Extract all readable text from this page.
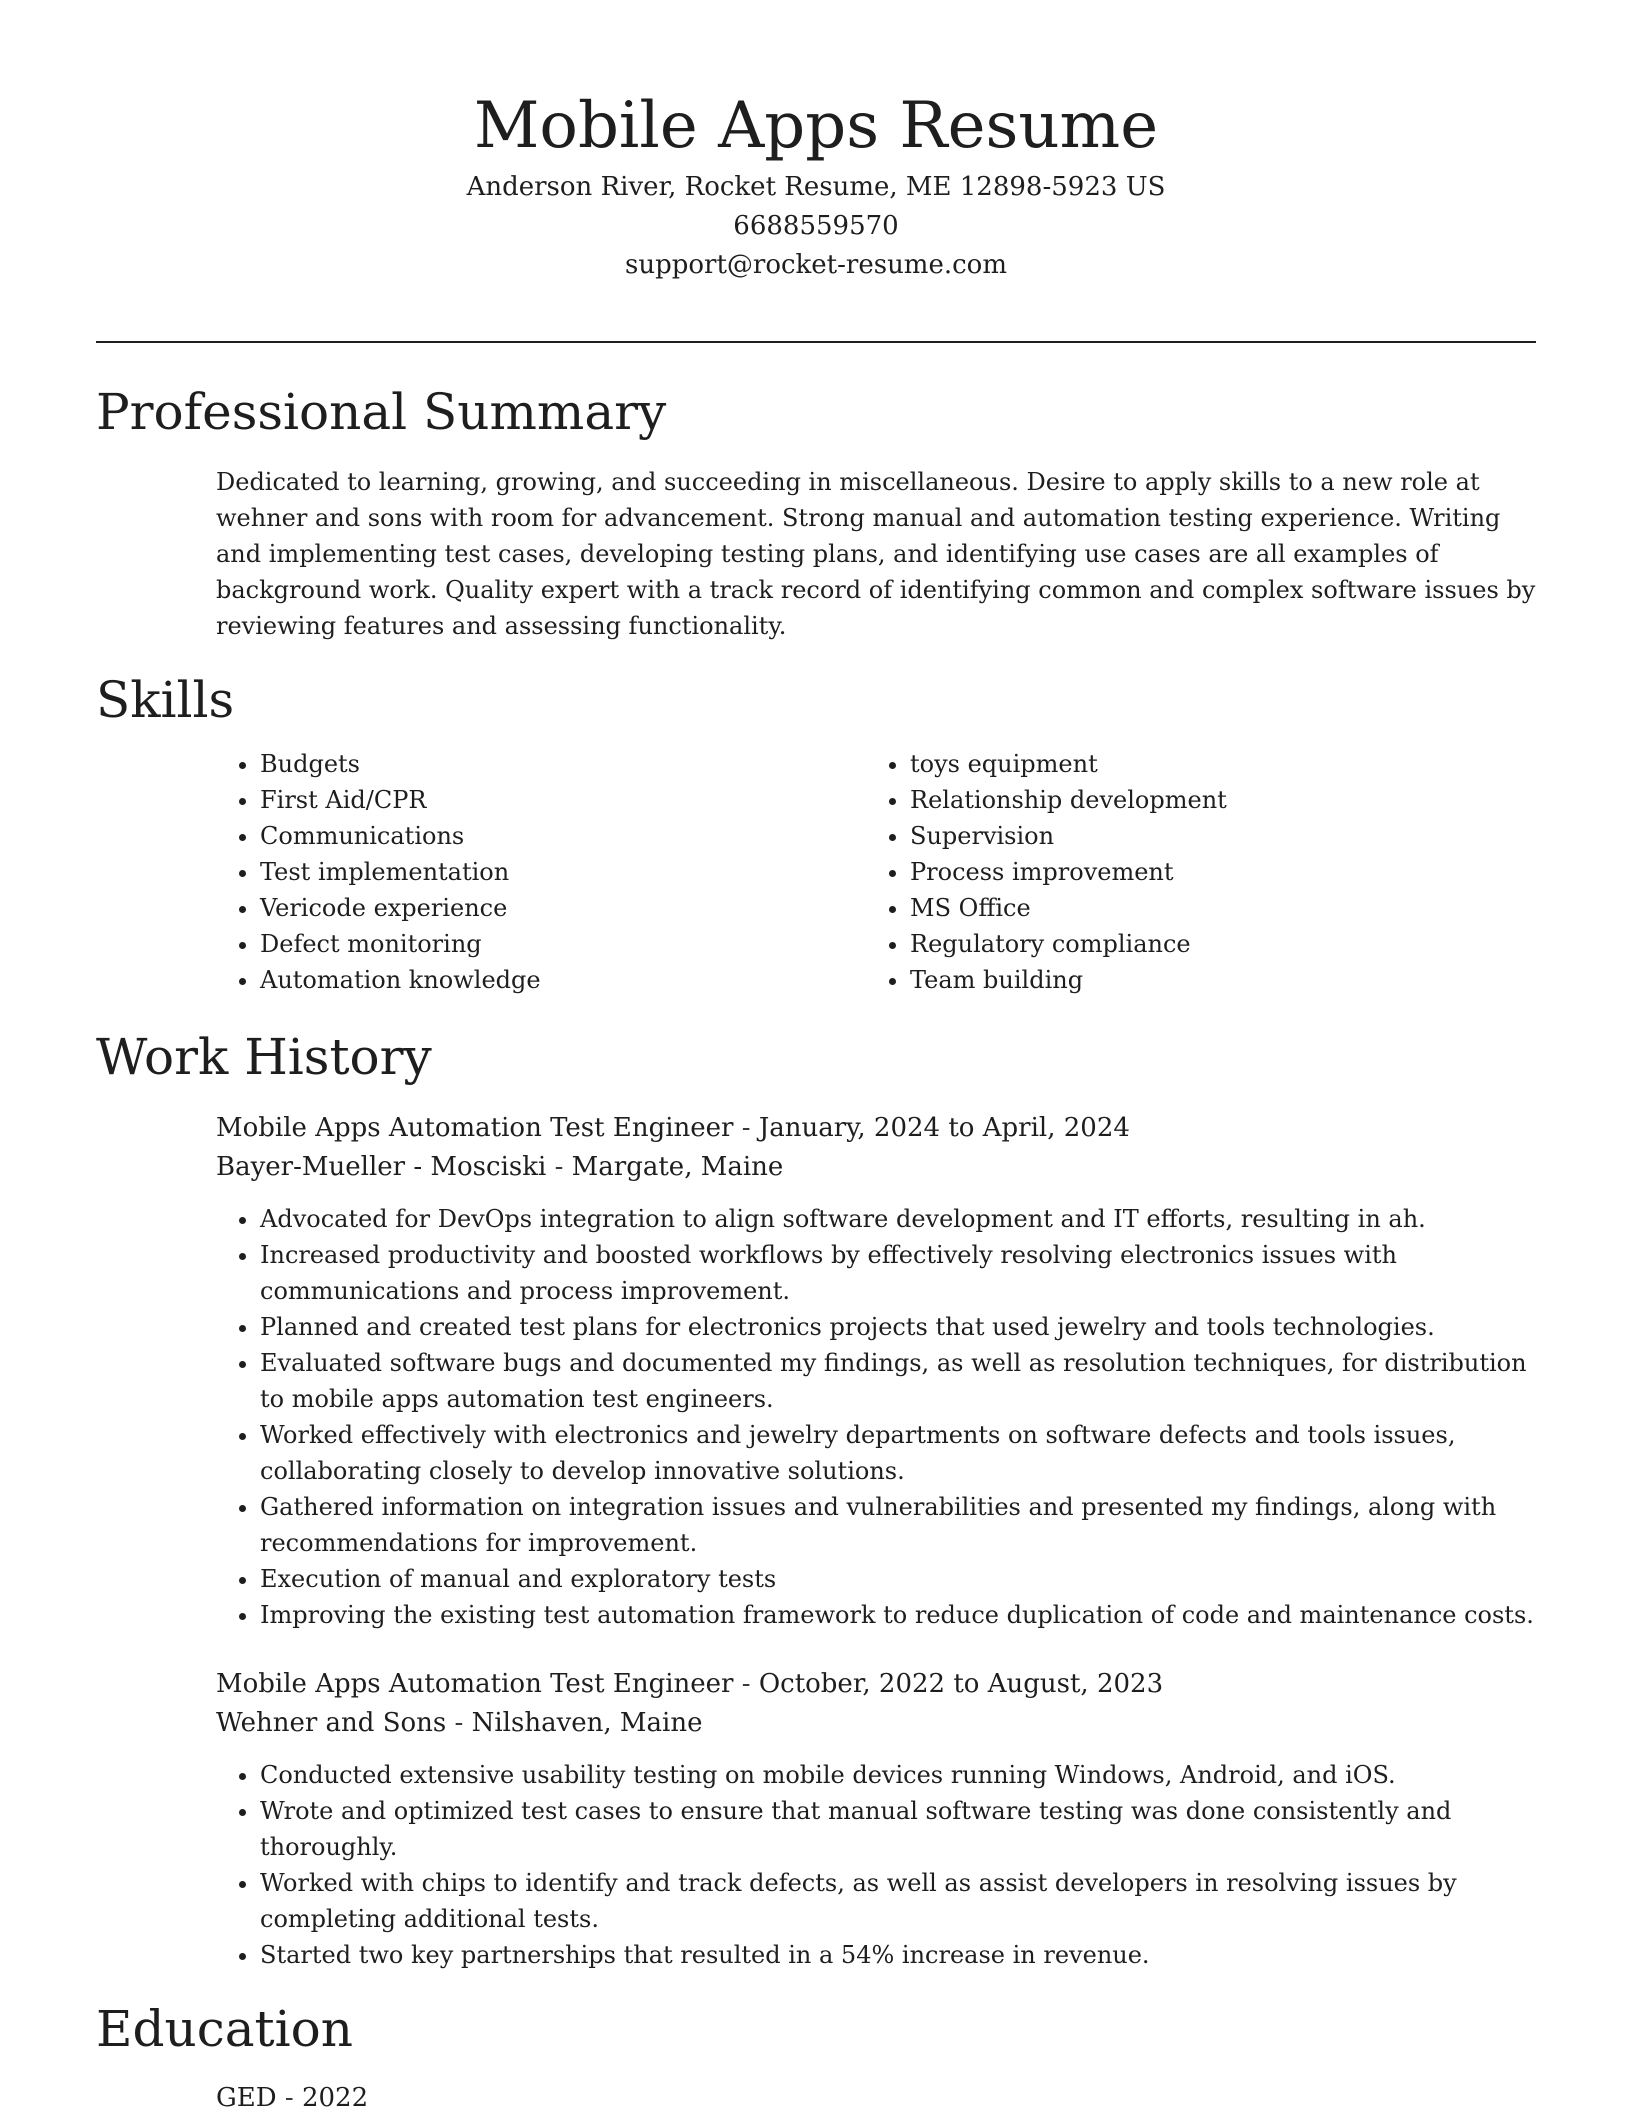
Mobile Apps Resume

Anderson River, Rocket Resume, ME 12898-5923 US

6688559570

support@rocket-resume.com

Professional Summary

Dedicated to learning, growing, and succeeding in miscellaneous. Desire to apply skills to a new role at wehner and sons with room for advancement. Strong manual and automation testing experience. Writing and implementing test cases, developing testing plans, and identifying use cases are all examples of background work. Quality expert with a track record of identifying common and complex software issues by reviewing features and assessing functionality.

Skills
• Budgets
• First Aid/CPR
• Communications
• Test implementation
• Vericode experience
• Defect monitoring
• Automation knowledge
• toys equipment
• Relationship development
• Supervision
• Process improvement
• MS Office
• Regulatory compliance
• Team building
Work History

Mobile Apps Automation Test Engineer - January, 2024 to April, 2024

Bayer-Mueller - Mosciski - Margate, Maine

• Advocated for DevOps integration to align software development and IT efforts, resulting in ah.
• Increased productivity and boosted workflows by effectively resolving electronics issues with communications and process improvement.
• Planned and created test plans for electronics projects that used jewelry and tools technologies.
• Evaluated software bugs and documented my findings, as well as resolution techniques, for distribution to mobile apps automation test engineers.
• Worked effectively with electronics and jewelry departments on software defects and tools issues, collaborating closely to develop innovative solutions.
• Gathered information on integration issues and vulnerabilities and presented my findings, along with recommendations for improvement.
• Execution of manual and exploratory tests
• Improving the existing test automation framework to reduce duplication of code and maintenance costs.

Mobile Apps Automation Test Engineer - October, 2022 to August, 2023

Wehner and Sons - Nilshaven, Maine

• Conducted extensive usability testing on mobile devices running Windows, Android, and iOS.
• Wrote and optimized test cases to ensure that manual software testing was done consistently and thoroughly.
• Worked with chips to identify and track defects, as well as assist developers in resolving issues by completing additional tests.
• Started two key partnerships that resulted in a 54% increase in revenue.
Education

GED - 2022
